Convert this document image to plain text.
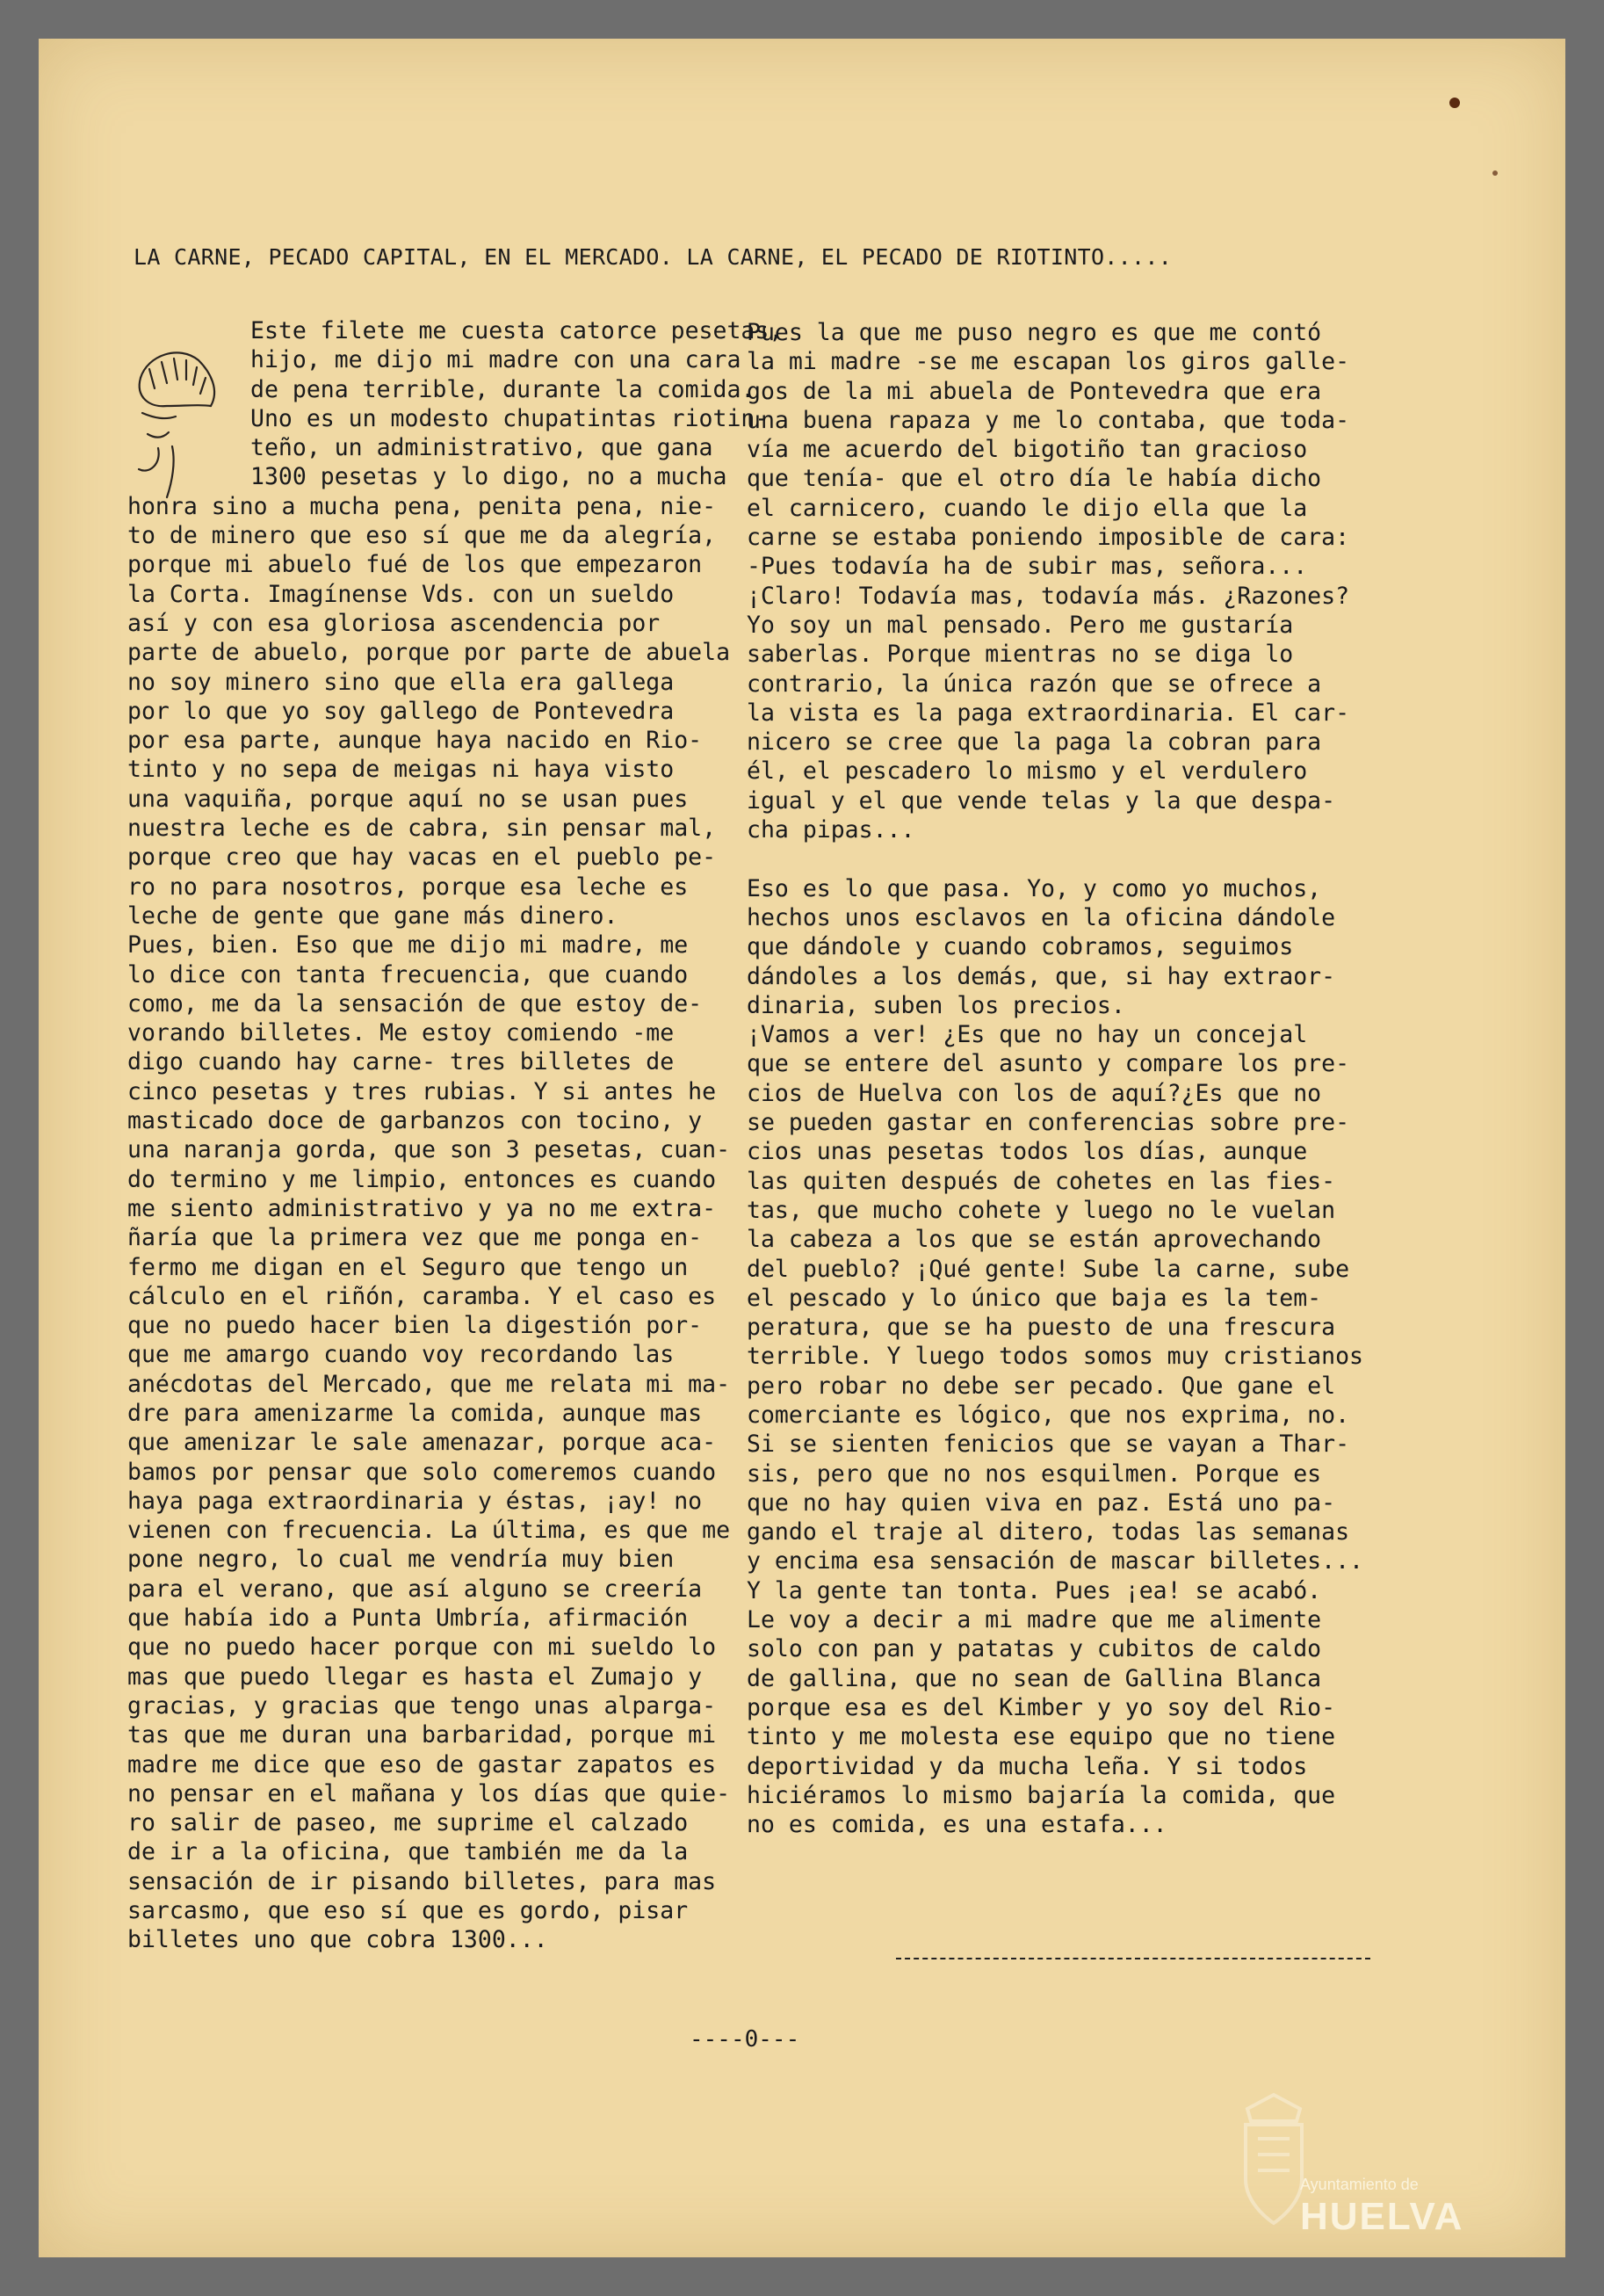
LA CARNE, PECADO CAPITAL, EN EL MERCADO. LA CARNE, EL PECADO DE RIOTINTO.....
Este filete me cuesta catorce pesetas,
hijo, me dijo mi madre con una cara
de pena terrible, durante la comida.
Uno es un modesto chupatintas riotin-
teño, un administrativo, que gana
1300 pesetas y lo digo, no a mucha
honra sino a mucha pena, penita pena, nie-
to de minero que eso sí que me da alegría,
porque mi abuelo fué de los que empezaron
la Corta. Imagínense Vds. con un sueldo
así y con esa gloriosa ascendencia por
parte de abuelo, porque por parte de abuela
no soy minero sino que ella era gallega
por lo que yo soy gallego de Pontevedra
por esa parte, aunque haya nacido en Rio-
tinto y no sepa de meigas ni haya visto
una vaquiña, porque aquí no se usan pues
nuestra leche es de cabra, sin pensar mal,
porque creo que hay vacas en el pueblo pe-
ro no para nosotros, porque esa leche es
leche de gente que gane más dinero.
Pues, bien. Eso que me dijo mi madre, me
lo dice con tanta frecuencia, que cuando
como, me da la sensación de que estoy de-
vorando billetes. Me estoy comiendo -me
digo cuando hay carne- tres billetes de
cinco pesetas y tres rubias. Y si antes he
masticado doce de garbanzos con tocino, y
una naranja gorda, que son 3 pesetas, cuan-
do termino y me limpio, entonces es cuando
me siento administrativo y ya no me extra-
ñaría que la primera vez que me ponga en-
fermo me digan en el Seguro que tengo un
cálculo en el riñón, caramba. Y el caso es
que no puedo hacer bien la digestión por-
que me amargo cuando voy recordando las
anécdotas del Mercado, que me relata mi ma-
dre para amenizarme la comida, aunque mas
que amenizar le sale amenazar, porque aca-
bamos por pensar que solo comeremos cuando
haya paga extraordinaria y éstas, ¡ay! no
vienen con frecuencia. La última, es que me
pone negro, lo cual me vendría muy bien
para el verano, que así alguno se creería
que había ido a Punta Umbría, afirmación
que no puedo hacer porque con mi sueldo lo
mas que puedo llegar es hasta el Zumajo y
gracias, y gracias que tengo unas alparga-
tas que me duran una barbaridad, porque mi
madre me dice que eso de gastar zapatos es
no pensar en el mañana y los días que quie-
ro salir de paseo, me suprime el calzado
de ir a la oficina, que también me da la
sensación de ir pisando billetes, para mas
sarcasmo, que eso sí que es gordo, pisar
billetes uno que cobra 1300...
Pues la que me puso negro es que me contó
la mi madre -se me escapan los giros galle-
gos de la mi abuela de Pontevedra que era
una buena rapaza y me lo contaba, que toda-
vía me acuerdo del bigotiño tan gracioso
que tenía- que el otro día le había dicho
el carnicero, cuando le dijo ella que la
carne se estaba poniendo imposible de cara:
-Pues todavía ha de subir mas, señora...
¡Claro! Todavía mas, todavía más. ¿Razones?
Yo soy un mal pensado. Pero me gustaría
saberlas. Porque mientras no se diga lo
contrario, la única razón que se ofrece a
la vista es la paga extraordinaria. El car-
nicero se cree que la paga la cobran para
él, el pescadero lo mismo y el verdulero
igual y el que vende telas y la que despa-
cha pipas...
Eso es lo que pasa. Yo, y como yo muchos,
hechos unos esclavos en la oficina dándole
que dándole y cuando cobramos, seguimos
dándoles a los demás, que, si hay extraor-
dinaria, suben los precios.
¡Vamos a ver! ¿Es que no hay un concejal
que se entere del asunto y compare los pre-
cios de Huelva con los de aquí?¿Es que no
se pueden gastar en conferencias sobre pre-
cios unas pesetas todos los días, aunque
las quiten después de cohetes en las fies-
tas, que mucho cohete y luego no le vuelan
la cabeza a los que se están aprovechando
del pueblo? ¡Qué gente! Sube la carne, sube
el pescado y lo único que baja es la tem-
peratura, que se ha puesto de una frescura
terrible. Y luego todos somos muy cristianos
pero robar no debe ser pecado. Que gane el
comerciante es lógico, que nos exprima, no.
Si se sienten fenicios que se vayan a Thar-
sis, pero que no nos esquilmen. Porque es
que no hay quien viva en paz. Está uno pa-
gando el traje al ditero, todas las semanas
y encima esa sensación de mascar billetes...
Y la gente tan tonta. Pues ¡ea! se acabó.
Le voy a decir a mi madre que me alimente
solo con pan y patatas y cubitos de caldo
de gallina, que no sean de Gallina Blanca
porque esa es del Kimber y yo soy del Rio-
tinto y me molesta ese equipo que no tiene
deportividad y da mucha leña. Y si todos
hiciéramos lo mismo bajaría la comida, que
no es comida, es una estafa...
----0---
Ayuntamiento de
HUELVA
